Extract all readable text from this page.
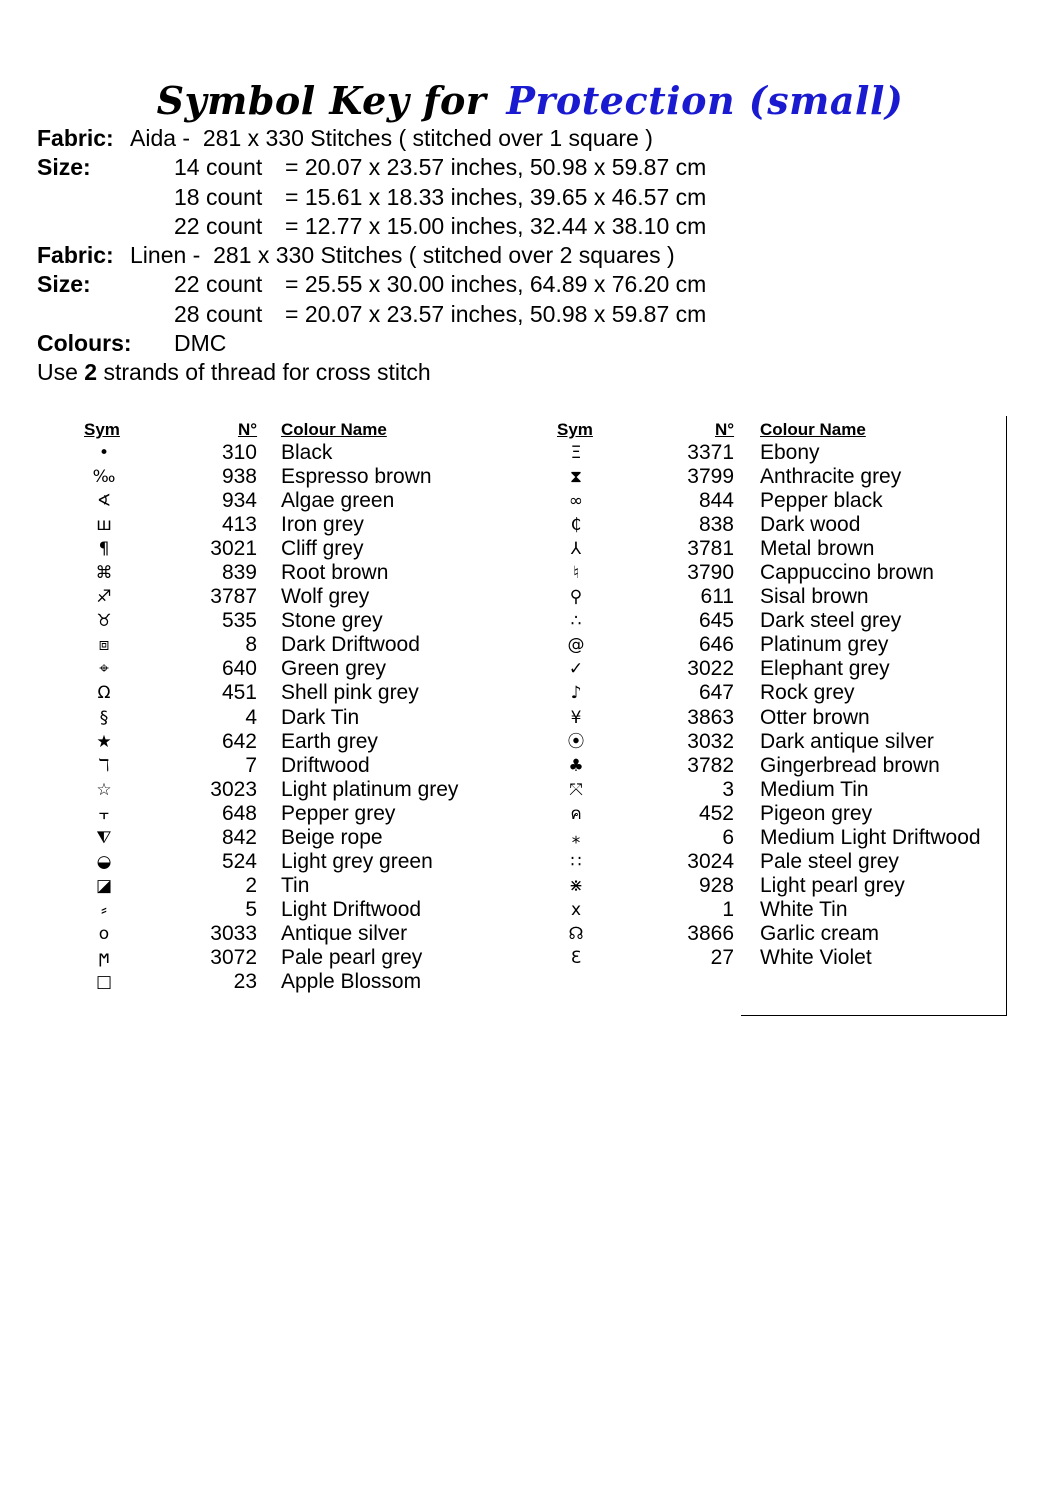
Symbol Key for Protection (small)
Fabric: Aida -  281 x 330 Stitches ( stitched over 1 square )
Size:	14 count = 20.07 x 23.57 inches, 50.98 x 59.87 cm
18 count = 15.61 x 18.33 inches, 39.65 x 46.57 cm
22 count = 12.77 x 15.00 inches, 32.44 x 38.10 cm
Fabric: Linen -  281 x 330 Stitches ( stitched over 2 squares )
Size:	22 count = 25.55 x 30.00 inches, 64.89 x 76.20 cm
28 count = 20.07 x 23.57 inches, 50.98 x 59.87 cm
Colours: DMC
Use 2 strands of thread for cross stitch
Sym	N° Colour Name	Sym	N° Colour Name
•	310 Black
‰	938 Espresso brown
∢	934 Algae green
ш	413 Iron grey
¶	3021 Cliff grey
⌘	839 Root brown
♐	3787 Wolf grey
♉	535 Stone grey
⧈	8 Dark Driftwood
⌖	640 Green grey
Ω	451 Shell pink grey
§	4 Dark Tin
★	642 Earth grey
ℸ	7 Driftwood
☆	3023 Light platinum grey
⫟	648 Pepper grey
⧨	842 Beige rope
◒	524 Light grey green
◪	2 Tin
⸗	5 Light Driftwood
o	3033 Antique silver
ϻ	3072 Pale pearl grey
□	23 Apple Blossom
Ξ	3371 Ebony
⧗	3799 Anthracite grey
∞	844 Pepper black
₵	838 Dark wood
⅄	3781 Metal brown
♮	3790 Cappuccino brown
⚲	611 Sisal brown
∴	645 Dark steel grey
@	646 Platinum grey
✓	3022 Elephant grey
♪	647 Rock grey
¥	3863 Otter brown
⦿	3032 Dark antique silver
♣	3782 Gingerbread brown
⤧	3 Medium Tin
ค	452 Pigeon grey
⁎	6 Medium Light Driftwood
∷	3024 Pale steel grey
⋇	928 Light pearl grey
x	1 White Tin
☊	3866 Garlic cream
Ɛ	27 White Violet
